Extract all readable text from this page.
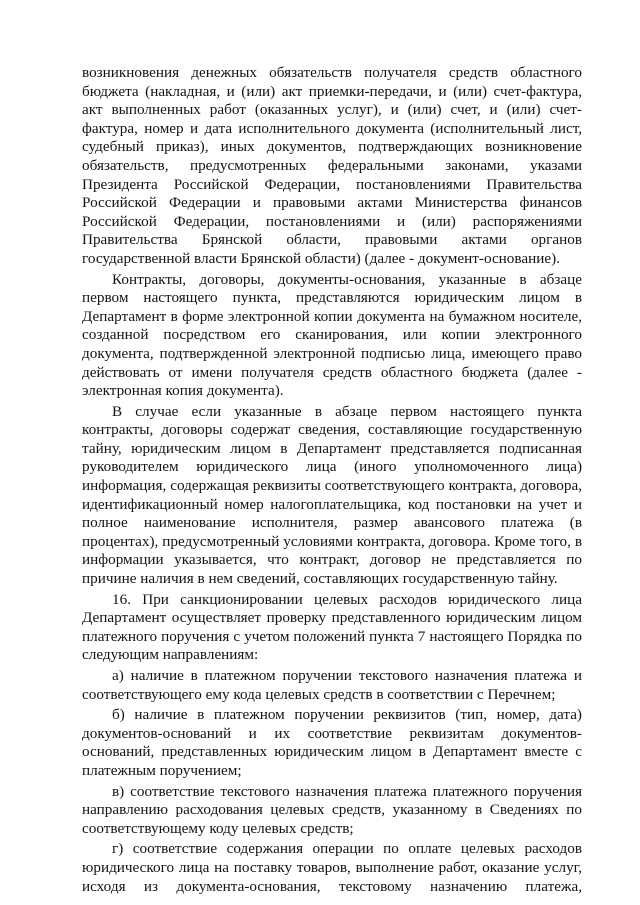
возникновения денежных обязательств получателя средств областного бюджета (накладная, и (или) акт приемки-передачи, и (или) счет-фактура, акт выполненных работ (оказанных услуг), и (или) счет, и (или) счет-фактура, номер и дата исполнительного документа (исполнительный лист, судебный приказ), иных документов, подтверждающих возникновение обязательств, предусмотренных федеральными законами, указами Президента Российской Федерации, постановлениями Правительства Российской Федерации и правовыми актами Министерства финансов Российской Федерации, постановлениями и (или) распоряжениями Правительства Брянской области, правовыми актами органов государственной власти Брянской области) (далее - документ-основание).

Контракты, договоры, документы-основания, указанные в абзаце первом настоящего пункта, представляются юридическим лицом в Департамент в форме электронной копии документа на бумажном носителе, созданной посредством его сканирования, или копии электронного документа, подтвержденной электронной подписью лица, имеющего право действовать от имени получателя средств областного бюджета (далее - электронная копия документа).

В случае если указанные в абзаце первом настоящего пункта контракты, договоры содержат сведения, составляющие государственную тайну, юридическим лицом в Департамент представляется подписанная руководителем юридического лица (иного уполномоченного лица) информация, содержащая реквизиты соответствующего контракта, договора, идентификационный номер налогоплательщика, код постановки на учет и полное наименование исполнителя, размер авансового платежа (в процентах), предусмотренный условиями контракта, договора. Кроме того, в информации указывается, что контракт, договор не представляется по причине наличия в нем сведений, составляющих государственную тайну.

16. При санкционировании целевых расходов юридического лица Департамент осуществляет проверку представленного юридическим лицом платежного поручения с учетом положений пункта 7 настоящего Порядка по следующим направлениям:

а) наличие в платежном поручении текстового назначения платежа и соответствующего ему кода целевых средств в соответствии с Перечнем;

б) наличие в платежном поручении реквизитов (тип, номер, дата) документов-оснований и их соответствие реквизитам документов-оснований, представленных юридическим лицом в Департамент вместе с платежным поручением;

в) соответствие текстового назначения платежа платежного поручения направлению расходования целевых средств, указанному в Сведениях по соответствующему коду целевых средств;

г) соответствие содержания операции по оплате целевых расходов юридического лица на поставку товаров, выполнение работ, оказание услуг, исходя из документа-основания, текстовому назначению платежа,
